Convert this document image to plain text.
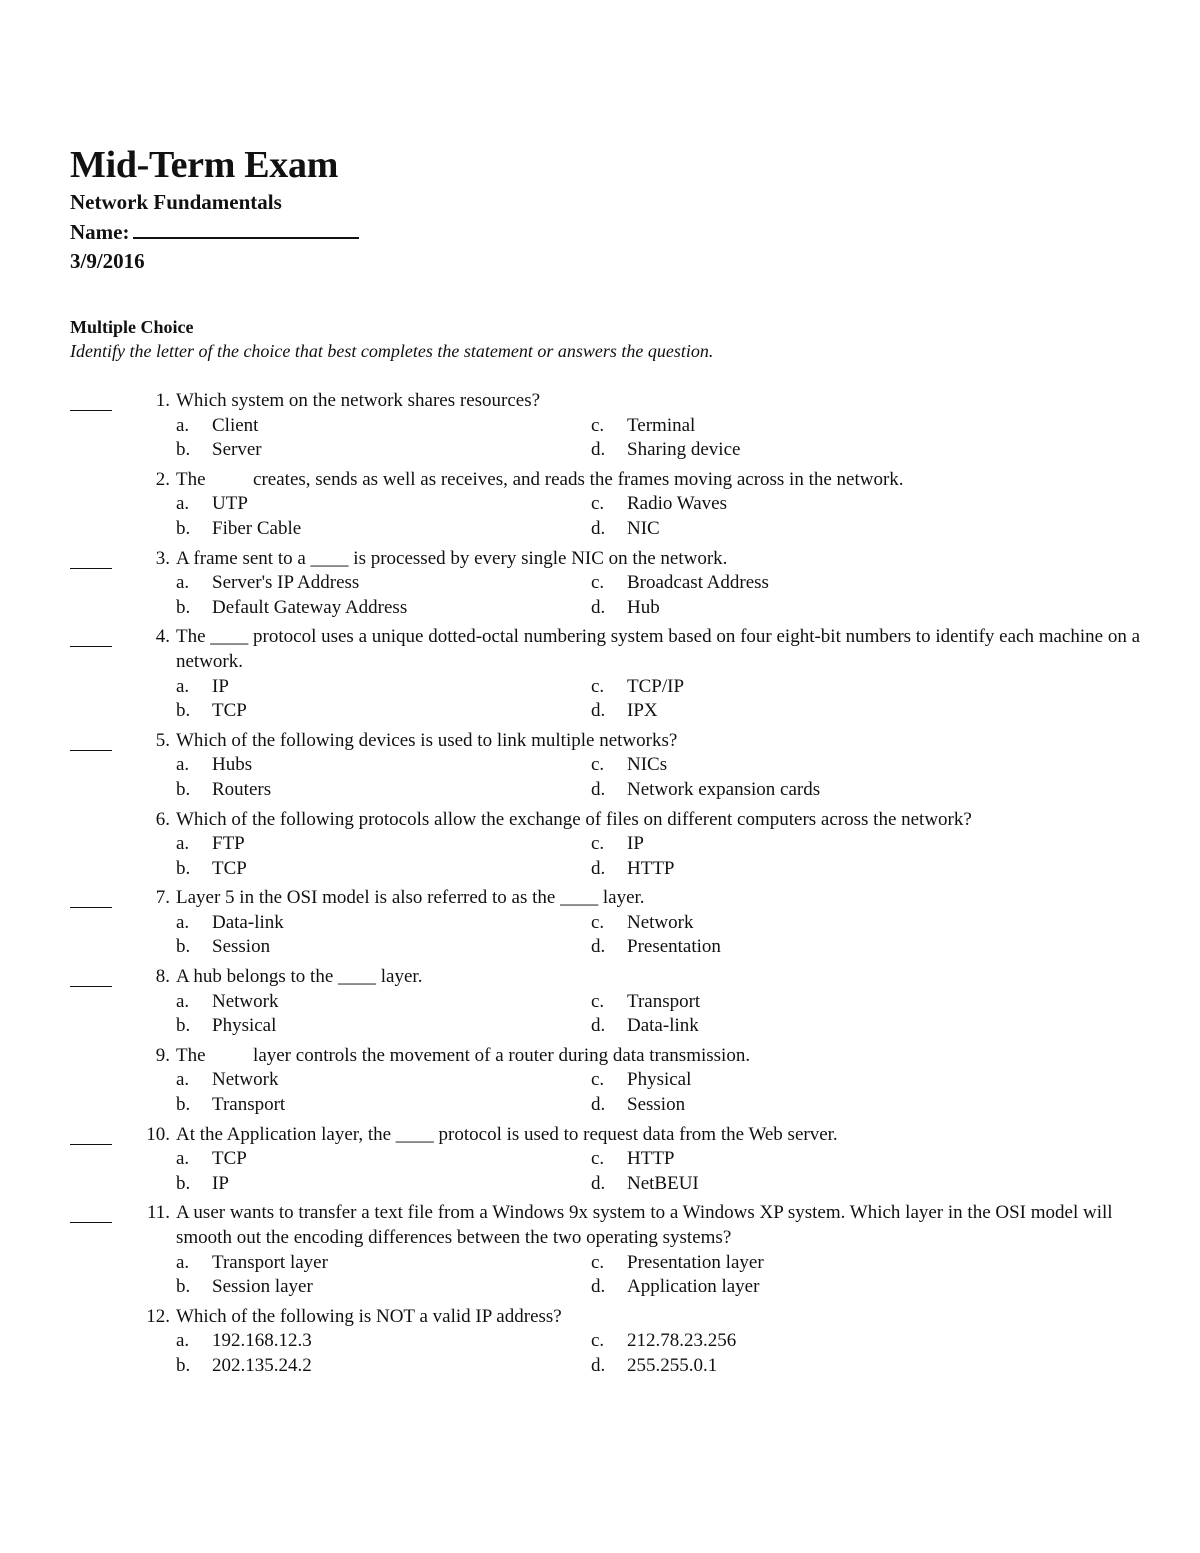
Mid-Term Exam
Network Fundamentals
Name:
3/9/2016
Multiple Choice
Identify the letter of the choice that best completes the statement or answers the question.
1. Which system on the network shares resources?
a.	Client	c.	Terminal
b.	Server	d.	Sharing device
2. The          creates, sends as well as receives, and reads the frames moving across in the network.
a.	UTP	c.	Radio Waves
b.	Fiber Cable	d.	NIC
3. A frame sent to a ____ is processed by every single NIC on the network.
a.	Server's IP Address	c.	Broadcast Address
b.	Default Gateway Address	d.	Hub
4. The ____ protocol uses a unique dotted-octal numbering system based on four eight-bit numbers to identify each machine on a network.
a.	IP	c.	TCP/IP
b.	TCP	d.	IPX
5. Which of the following devices is used to link multiple networks?
a.	Hubs	c.	NICs
b.	Routers	d.	Network expansion cards
6. Which of the following protocols allow the exchange of files on different computers across the network?
a.	FTP	c.	IP
b.	TCP	d.	HTTP
7. Layer 5 in the OSI model is also referred to as the ____ layer.
a.	Data-link	c.	Network
b.	Session	d.	Presentation
8. A hub belongs to the ____ layer.
a.	Network	c.	Transport
b.	Physical	d.	Data-link
9. The          layer controls the movement of a router during data transmission.
a.	Network	c.	Physical
b.	Transport	d.	Session
10. At the Application layer, the ____ protocol is used to request data from the Web server.
a.	TCP	c.	HTTP
b.	IP	d.	NetBEUI
11. A user wants to transfer a text file from a Windows 9x system to a Windows XP system. Which layer in the OSI model will smooth out the encoding differences between the two operating systems?
a.	Transport layer	c.	Presentation layer
b.	Session layer	d.	Application layer
12. Which of the following is NOT a valid IP address?
a.	192.168.12.3	c.	212.78.23.256
b.	202.135.24.2	d.	255.255.0.1
